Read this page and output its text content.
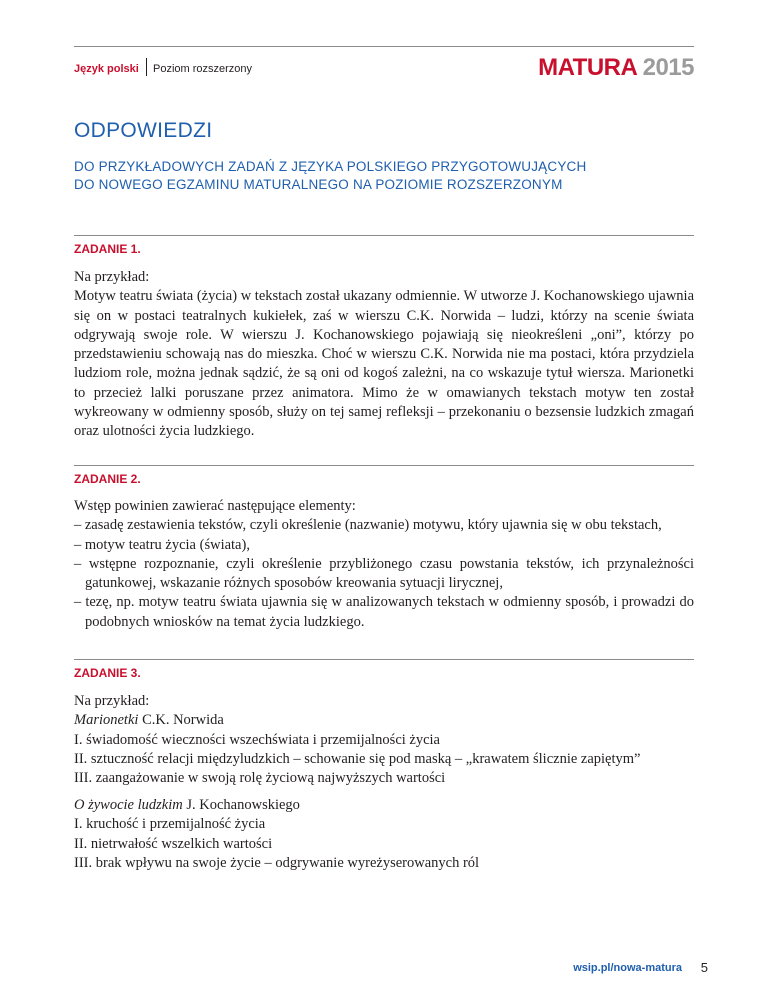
Język polski Poziom rozszerzony	MATURA 2015
ODPOWIEDZI
DO PRZYKŁADOWYCH ZADAŃ Z JĘZYKA POLSKIEGO PRZYGOTOWUJĄCYCH
DO NOWEGO EGZAMINU MATURALNEGO NA POZIOMIE ROZSZERZONYM
ZADANIE 1.
Na przykład:
Motyw teatru świata (życia) w tekstach został ukazany odmiennie. W utworze J. Kochanowskiego ujawnia się on w postaci teatralnych kukiełek, zaś w wierszu C.K. Norwida – ludzi, którzy na scenie świata odgrywają swoje role. W wierszu J. Kochanowskiego pojawiają się nieokreśleni „oni”, którzy po przedstawieniu schowają nas do mieszka. Choć w wierszu C.K. Norwida nie ma postaci, która przydziela ludziom role, można jednak sądzić, że są oni od kogoś zależni, na co wskazuje tytuł wiersza. Marionetki to przecież lalki poruszane przez animatora. Mimo że w omawianych tekstach motyw ten został wykreowany w odmienny sposób, służy on tej samej refleksji – przekonaniu o bezsensie ludzkich zmagań oraz ulotności życia ludzkiego.
ZADANIE 2.
Wstęp powinien zawierać następujące elementy:
– zasadę zestawienia tekstów, czyli określenie (nazwanie) motywu, który ujawnia się w obu tekstach,
– motyw teatru życia (świata),
– wstępne rozpoznanie, czyli określenie przybliżonego czasu powstania tekstów, ich przynależności gatunkowej, wskazanie różnych sposobów kreowania sytuacji lirycznej,
– tezę, np. motyw teatru świata ujawnia się w analizowanych tekstach w odmienny sposób, i prowadzi do podobnych wniosków na temat życia ludzkiego.
ZADANIE 3.
Na przykład:
Marionetki C.K. Norwida
I. świadomość wieczności wszechświata i przemijalności życia
II. sztuczność relacji międzyludzkich – schowanie się pod maską – „krawatem ślicznie zapiętym”
III. zaangażowanie w swoją rolę życiową najwyższych wartości
O żywocie ludzkim J. Kochanowskiego
I. kruchość i przemijalność życia
II. nietrwałość wszelkich wartości
III. brak wpływu na swoje życie – odgrywanie wyreżyserowanych ról
wsip.pl/nowa-matura 5
